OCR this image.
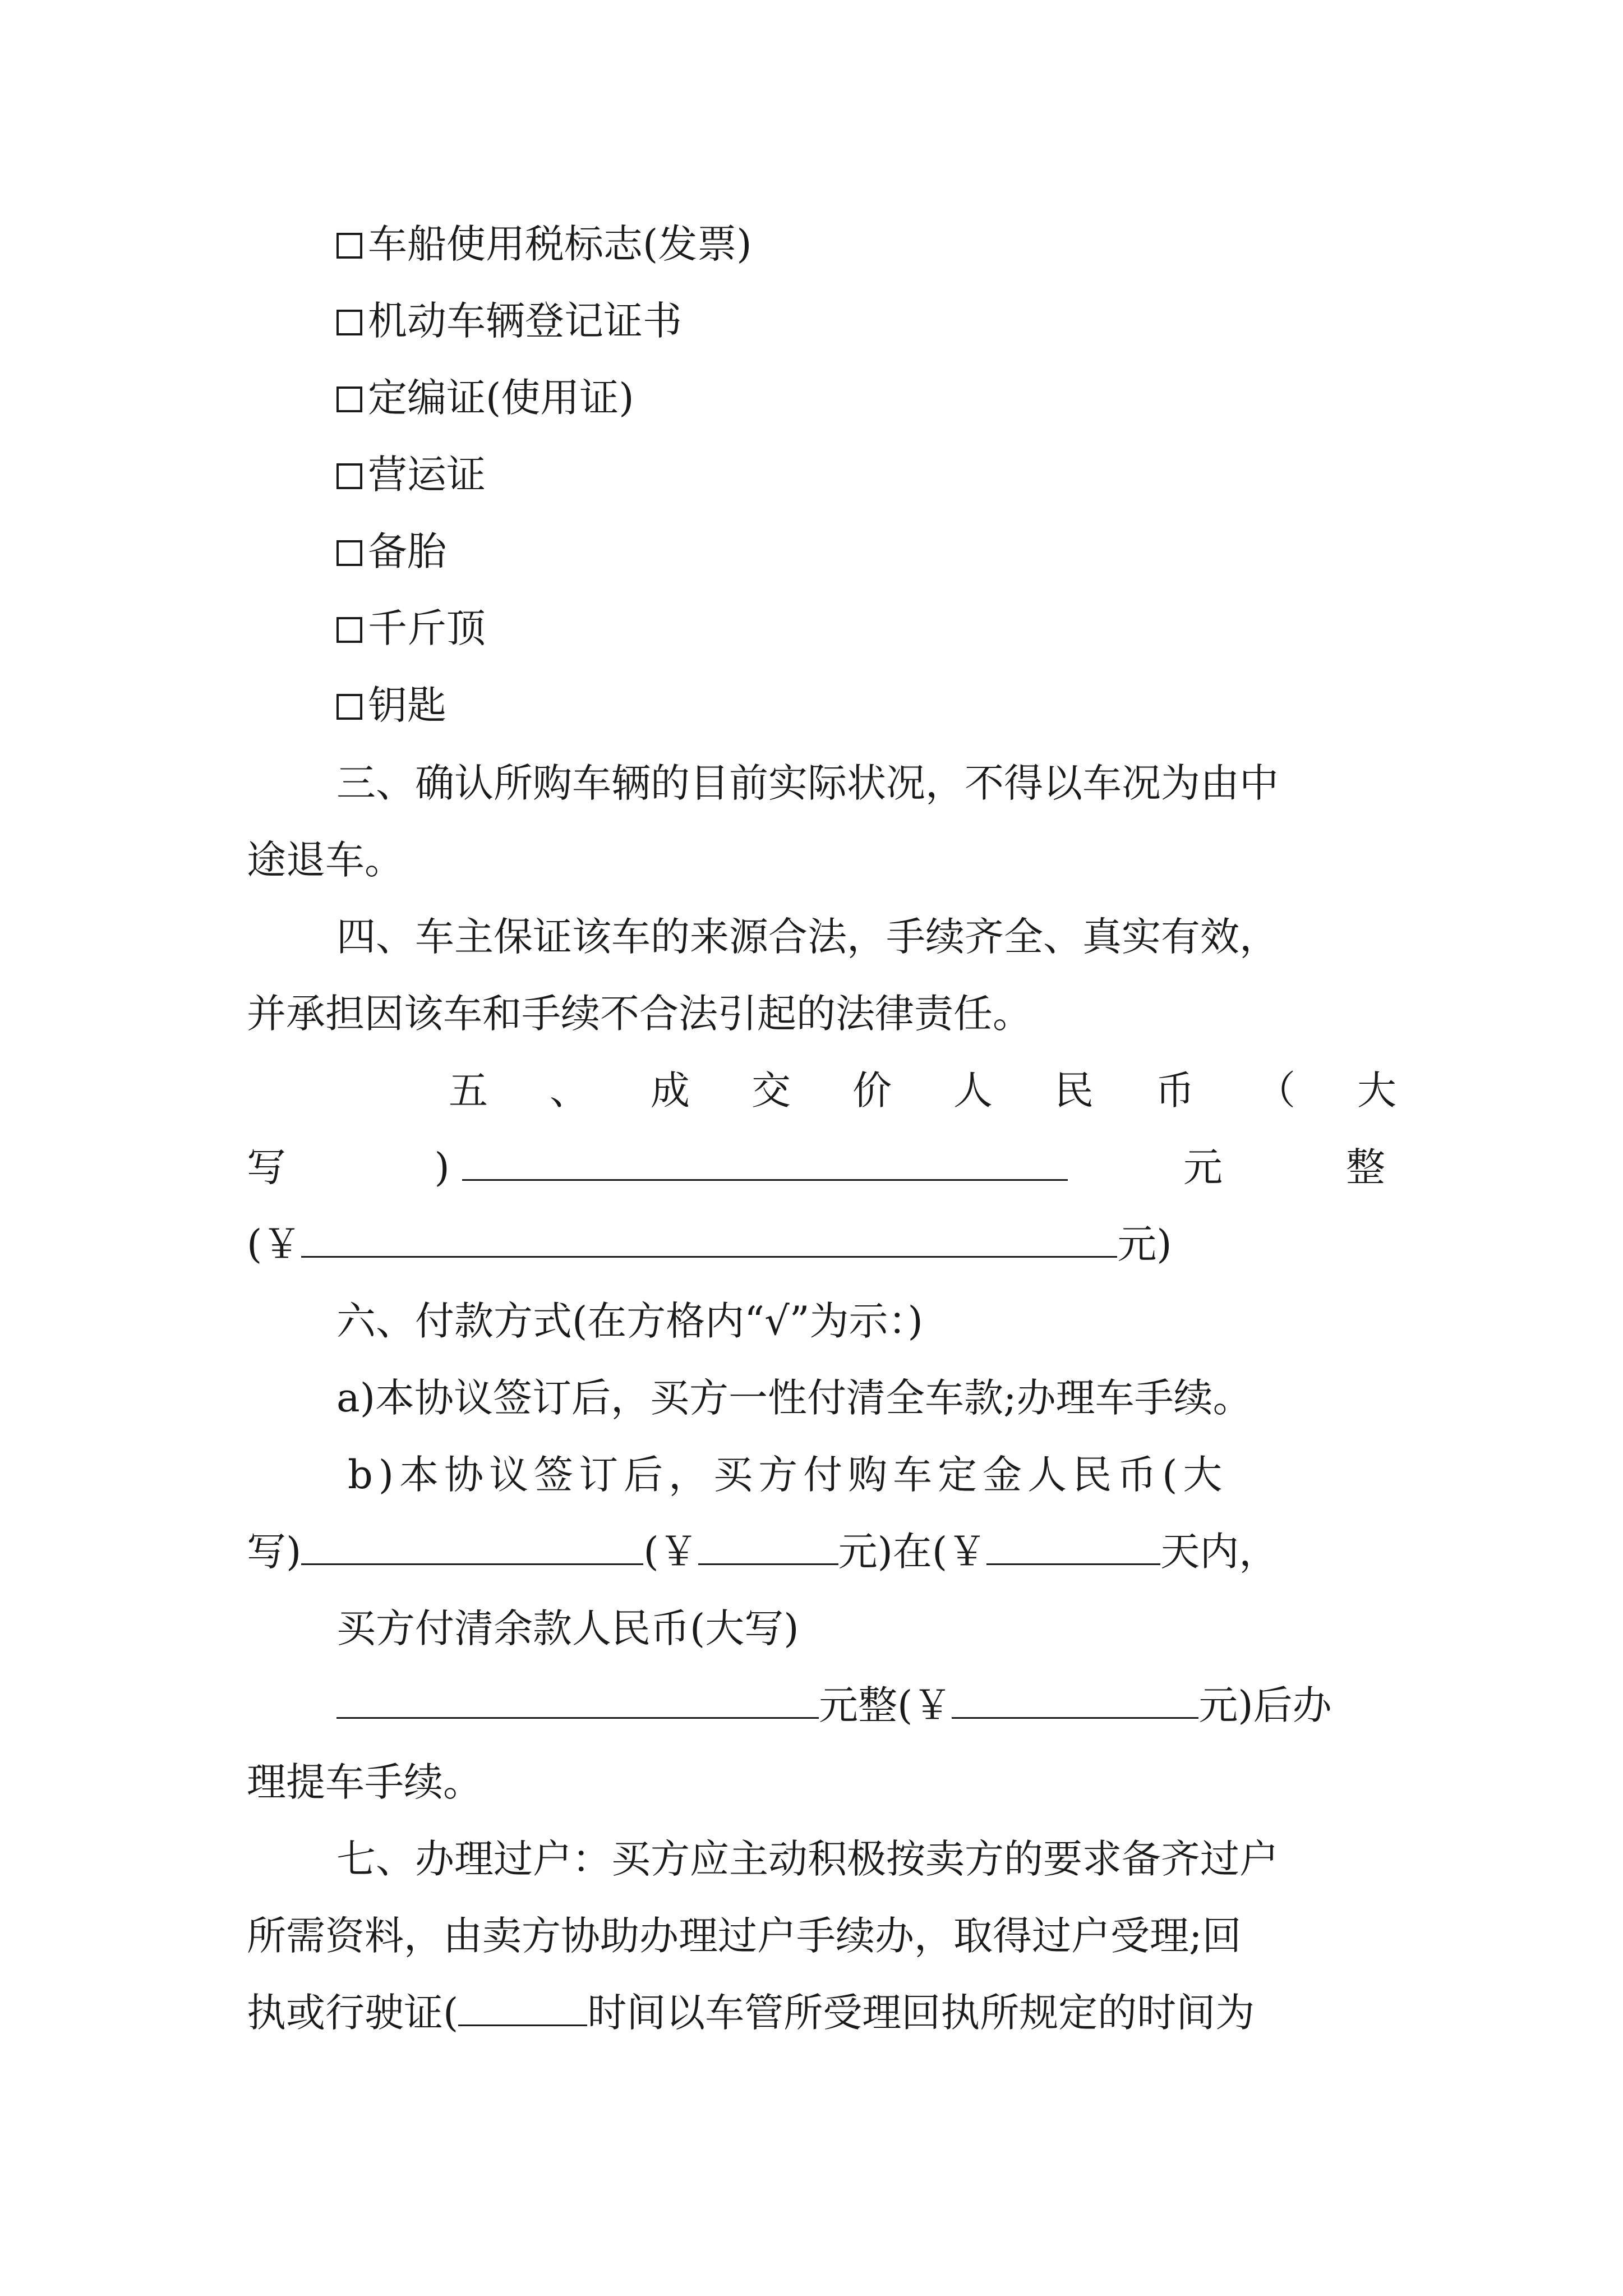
车船使用税标志(发票)
机动车辆登记证书
定编证(使用证)
营运证
备胎
千斤顶
钥匙
三、确认所购车辆的目前实际状况，不得以车况为由中
途退车。
四、车主保证该车的来源合法，手续齐全、真实有效，
并承担因该车和手续不合法引起的法律责任。
五 、 成 交 价 人 民 币 （ 大
写	)	元	整
(￥	元)
六、付款方式(在方格内“√”为示：)
a)本协议签订后，买方一性付清全车款;办理车手续。
b)本协议签订后，买方付购车定金人民币(大
写)	(￥	元)在(￥	天内，
买方付清余款人民币(大写)
元整(￥	元)后办
理提车手续。
七、办理过户：买方应主动积极按卖方的要求备齐过户
所需资料，由卖方协助办理过户手续办，取得过户受理;回
执或行驶证(	时间以车管所受理回执所规定的时间为
